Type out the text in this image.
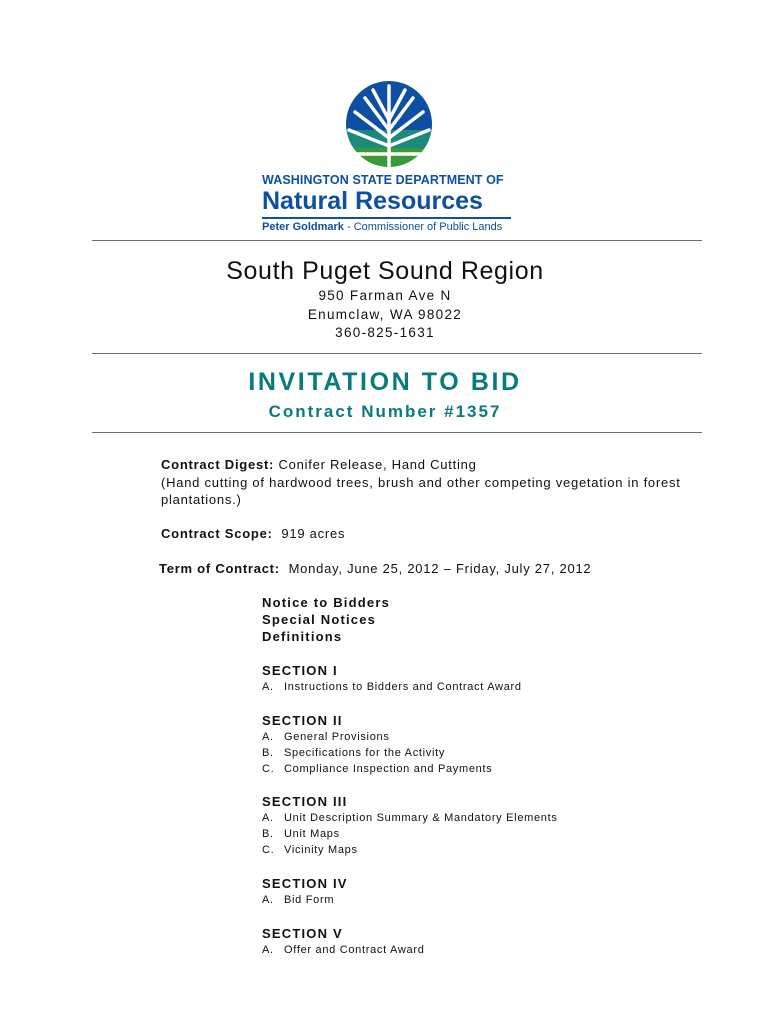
WASHINGTON STATE DEPARTMENT OF
Natural Resources
Peter Goldmark - Commissioner of Public Lands
South Puget Sound Region
950 Farman Ave N
Enumclaw, WA 98022
360-825-1631
INVITATION TO BID
Contract Number #1357
Contract Digest: Conifer Release, Hand Cutting
(Hand cutting of hardwood trees, brush and other competing vegetation in forest plantations.)
Contract Scope:  919 acres
Term of Contract:  Monday, June 25, 2012 – Friday, July 27, 2012
Notice to Bidders
Special Notices
Definitions
SECTION I
A. Instructions to Bidders and Contract Award
SECTION II
A. General Provisions
B. Specifications for the Activity
C. Compliance Inspection and Payments
SECTION III
A. Unit Description Summary & Mandatory Elements
B. Unit Maps
C. Vicinity Maps
SECTION IV
A. Bid Form
SECTION V
A. Offer and Contract Award
